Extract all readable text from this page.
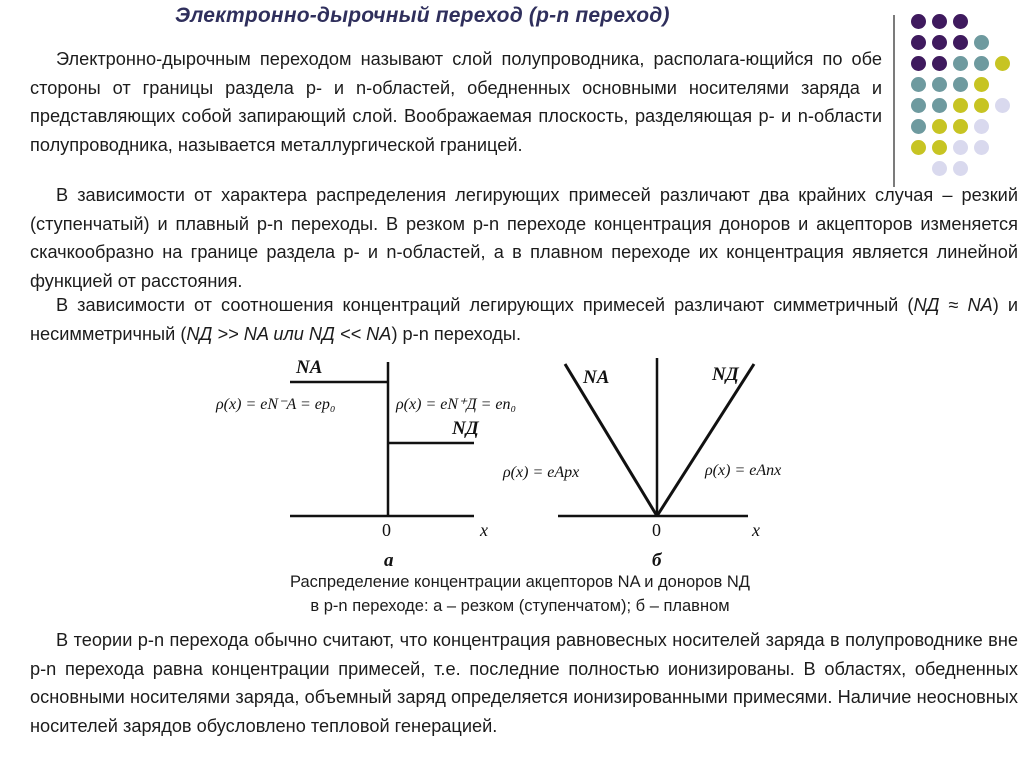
Электронно-дырочный переход (p-n переход)
Электронно-дырочным переходом называют слой полупроводника, располага-ющийся по обе стороны от границы раздела p- и n-областей, обедненных основными носителями заряда и представляющих собой запирающий слой. Воображаемая плоскость, разделяющая p- и n-области полупроводника, называется металлургической границей.
В зависимости от характера распределения легирующих примесей различают два крайних случая – резкий (ступенчатый) и плавный p-n переходы. В резком p-n переходе концентрация доноров и акцепторов изменяется скачкообразно на границе раздела p- и n-областей, а в плавном переходе их концентрация является линейной функцией от расстояния.
В зависимости от соотношения концентраций легирующих примесей различают симметричный (NД ≈ NA) и несимметричный (NД >> NA или NД << NA) p-n переходы.
NA
NД
ρ(x) = eN⁻A = ep₀	ρ(x) = eN⁺Д = en₀
0	x
а
NA	NД
ρ(x) = eApx	ρ(x) = eAnx
0	x
б
Распределение концентрации акцепторов NA и доноров NД
в p-n переходе: а – резком (ступенчатом); б – плавном
В теории p-n перехода обычно считают, что концентрация равновесных носителей заряда в полупроводнике вне p-n перехода равна концентрации примесей, т.е. последние полностью ионизированы. В областях, обедненных основными носителями заряда, объемный заряд определяется ионизированными примесями. Наличие неосновных носителей зарядов обусловлено тепловой генерацией.
